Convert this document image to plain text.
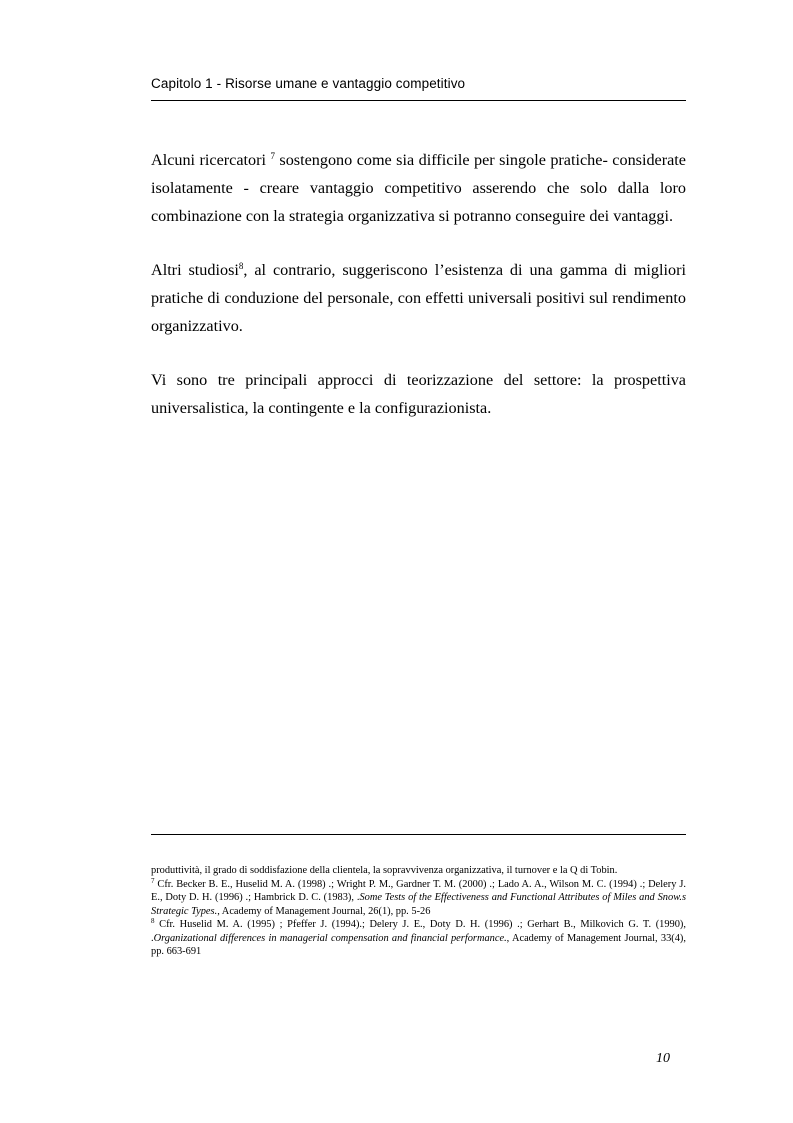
Capitolo 1 - Risorse umane e vantaggio competitivo

Alcuni ricercatori $^7$ sostengono come sia difficile per singole pratiche- considerate isolatamente - creare vantaggio competitivo asserendo che solo dalla loro combinazione con la strategia organizzativa si potranno conseguire dei vantaggi.

Altri studiosi$^8$, al contrario, suggeriscono l’esistenza di una gamma di migliori pratiche di conduzione del personale, con effetti universali positivi sul rendimento organizzativo.

Vi sono tre principali approcci di teorizzazione del settore: la prospettiva universalistica, la contingente e la configurazionista.

produttività, il grado di soddisfazione della clientela, la sopravvivenza organizzativa, il turnover e la Q di Tobin.

$^7$ Cfr. Becker B. E., Huselid M. A. (1998) .; Wright P. M., Gardner T. M. (2000) .; Lado A. A., Wilson M. C. (1994) .; Delery J. E., Doty D. H. (1996) .; Hambrick D. C. (1983), .Some Tests of the Effectiveness and Functional Attributes of Miles and Snow.s Strategic Types., Academy of Management Journal, 26(1), pp. 5-26

$^8$ Cfr. Huselid M. A. (1995) ; Pfeffer J. (1994).; Delery J. E., Doty D. H. (1996) .; Gerhart B., Milkovich G. T. (1990), .Organizational differences in managerial compensation and financial performance., Academy of Management Journal, 33(4), pp. 663-691

10
